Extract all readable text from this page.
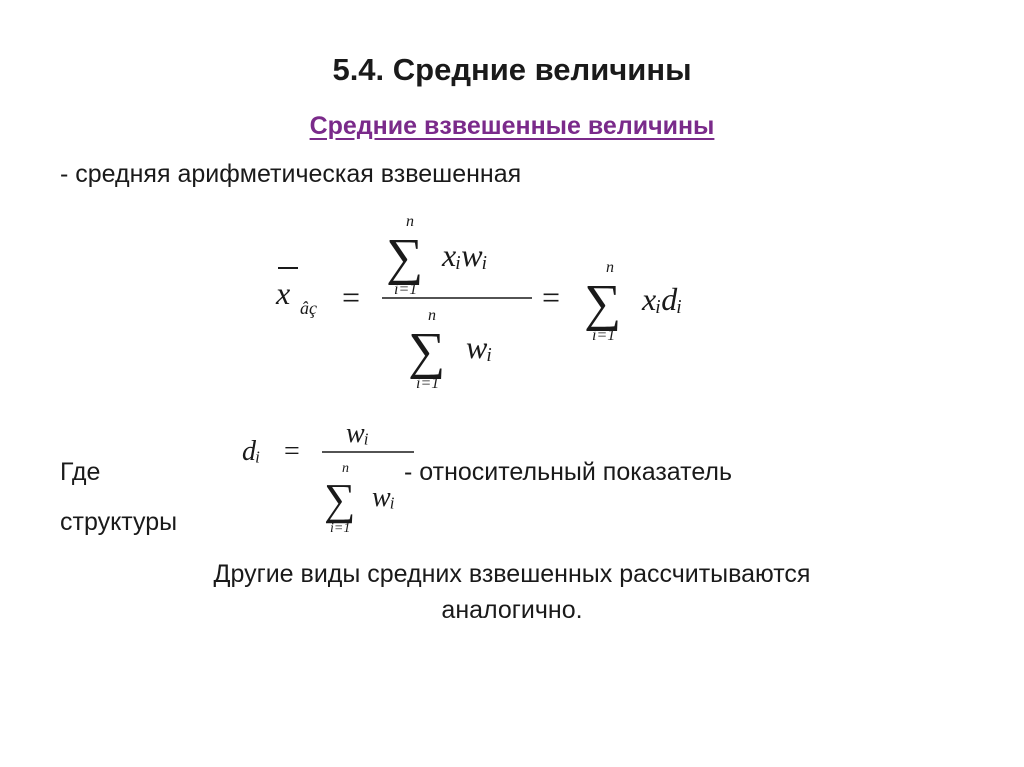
5.4. Средние величины
Средние взвешенные величины
- средняя арифметическая взвешенная
x âç =
n
∑
i=1
xᵢwᵢ
n
∑
i=1
wᵢ
=
n
∑
i=1
xᵢdᵢ
dᵢ =
wᵢ
n
∑
i=1
wᵢ
Где	- относительный показатель
структуры
Другие виды средних взвешенных рассчитываются
аналогично.
